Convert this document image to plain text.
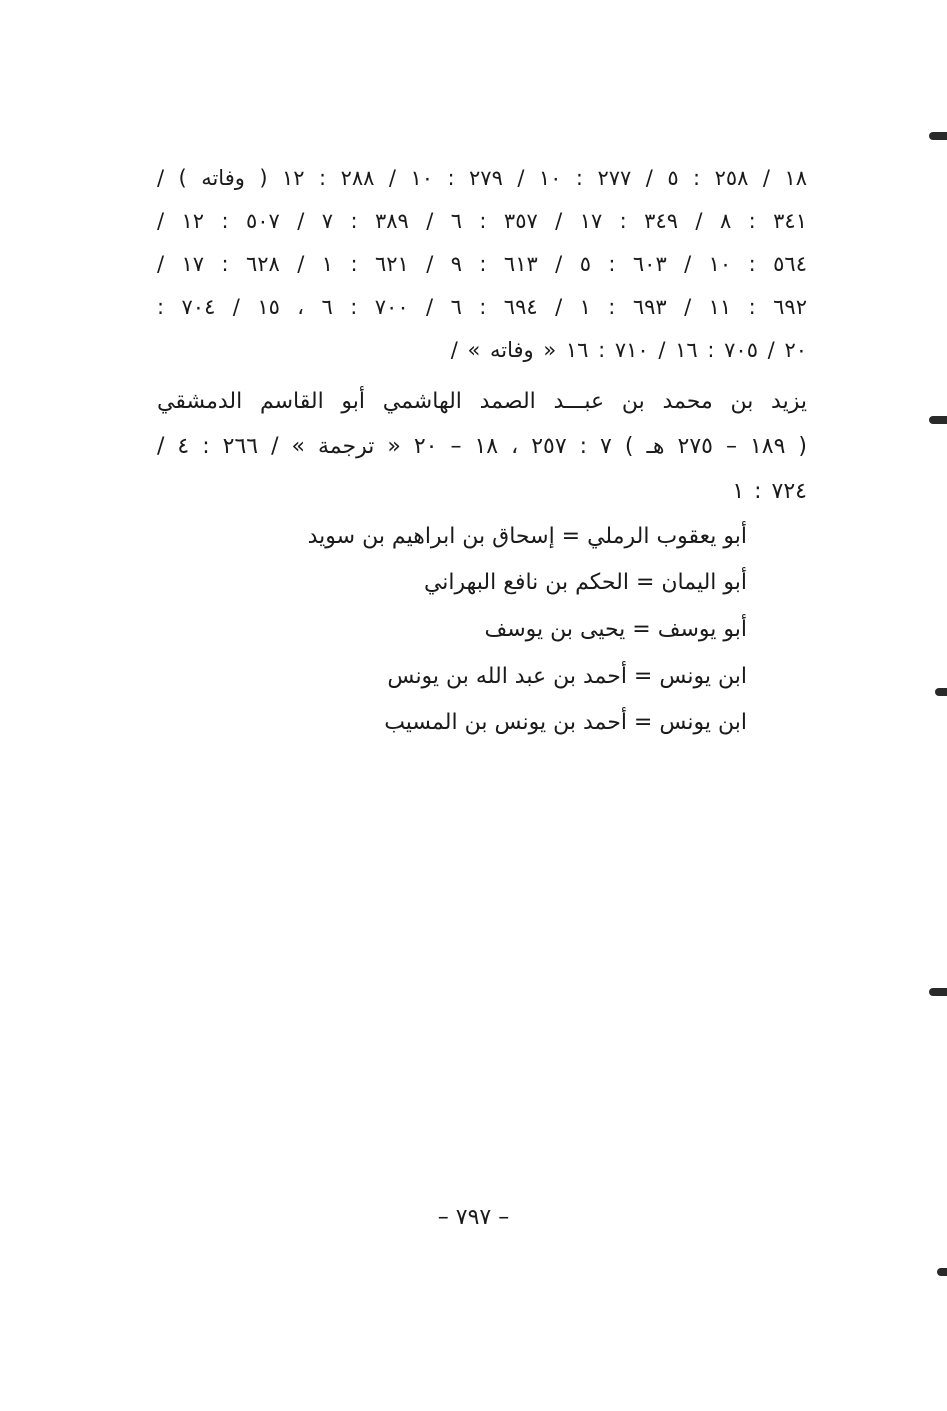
١٨ / ٢٥٨ : ٥ / ٢٧٧ : ١٠ / ٢٧٩ : ١٠ / ٢٨٨ : ١٢ ( وفاته ) /
٣٤١ : ٨ / ٣٤٩ : ١٧ / ٣٥٧ : ٦ / ٣٨٩ : ٧ / ٥٠٧ : ١٢ /
٥٦٤ : ١٠ / ٦٠٣ : ٥ / ٦١٣ : ٩ / ٦٢١ : ١ / ٦٢٨ : ١٧ /
٦٩٢ : ١١ / ٦٩٣ : ١ / ٦٩٤ : ٦ / ٧٠٠ : ٦ ، ١٥ / ٧٠٤ :
٢٠ / ٧٠٥ : ١٦ / ٧١٠ : ١٦ « وفاته » /
يزيد بن محمد بن عبـــد الصمد الهاشمي أبو القاسم الدمشقي
( ١٨٩ – ٢٧٥ هـ ) ٧ : ٢٥٧ ، ١٨ – ٢٠ « ترجمة » / ٢٦٦ : ٤ /
٧٢٤ : ١
أبو يعقوب الرملي = إسحاق بن ابراهيم بن سويد
أبو اليمان = الحكم بن نافع البهراني
أبو يوسف = يحيى بن يوسف
ابن يونس = أحمد بن عبد الله بن يونس
ابن يونس = أحمد بن يونس بن المسيب
– ٧٩٧ –
